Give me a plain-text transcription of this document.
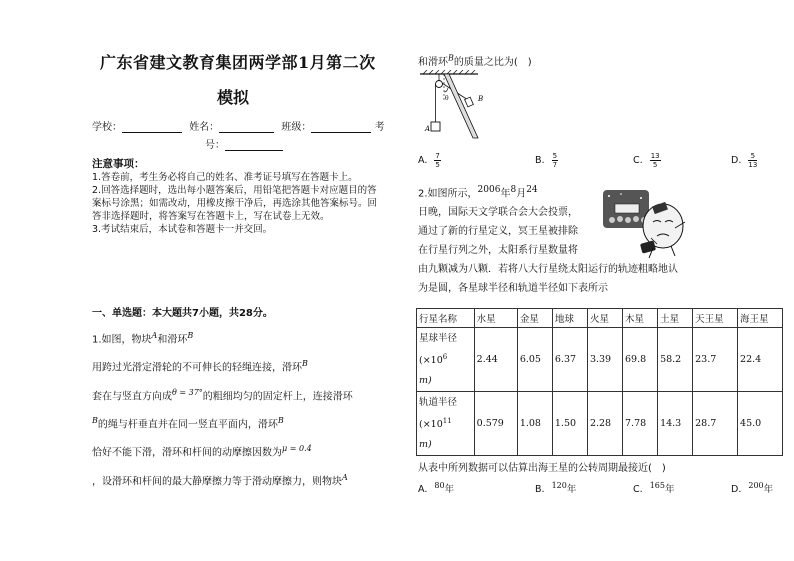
广东省建文教育集团两学部1月第二次
模拟
学校：	姓名：	班级：	考
号：
注意事项：
1.答卷前，考生务必将自己的姓名、准考证号填写在答题卡上。
2.回答选择题时，选出每小题答案后，用铅笔把答题卡对应题目的答案标号涂黑；如需改动，用橡皮擦干净后，再选涂其他答案标号。回答非选择题时，将答案写在答题卡上，写在试卷上无效。
3.考试结束后，本试卷和答题卡一并交回。
一、单选题：本大题共7小题，共28分。
1.如图，物块$^A$和滑环$^B$
用跨过光滑定滑轮的不可伸长的轻绳连接，滑环$^B$
套在与竖直方向成$^{\theta = 37^\circ}$的粗细均匀的固定杆上，连接滑环
$^B$的绳与杆垂直并在同一竖直平面内，滑环$^B$
恰好不能下滑，滑环和杆间的动摩擦因数为$^{\mu = 0.4}$
，设滑环和杆间的最大静摩擦力等于滑动摩擦力，则物块$^A$
和滑环$^B$的质量之比为(　)
A
B
θ
A. $\frac{7}{5}$	B. $\frac{5}{7}$	C. $\frac{13}{5}$	D. $\frac{5}{13}$
2.如图所示，2006年8月24
日晚，国际天文学联合会大会投票，
通过了新的行星定义，冥王星被排除
在行星行列之外，太阳系行星数量将
由九颗减为八颗．若将八大行星绕太阳运行的轨迹粗略地认
为是圆，各星球半径和轨道半径如下表所示
行星名称	水星	金星	地球	火星	木星	土星	天王星	海王星

星球半径
($\times 10^6$
m)	2.44	6.05	6.37	3.39	69.8	58.2	23.7	22.4

轨道半径
($\times 10^{11}$
m)	0.579	1.08	1.50	2.28	7.78	14.3	28.7	45.0
从表中所列数据可以估算出海王星的公转周期最接近(　)
A. $^{80}$年	B. $^{120}$年	C. $^{165}$年	D. $^{200}$年
